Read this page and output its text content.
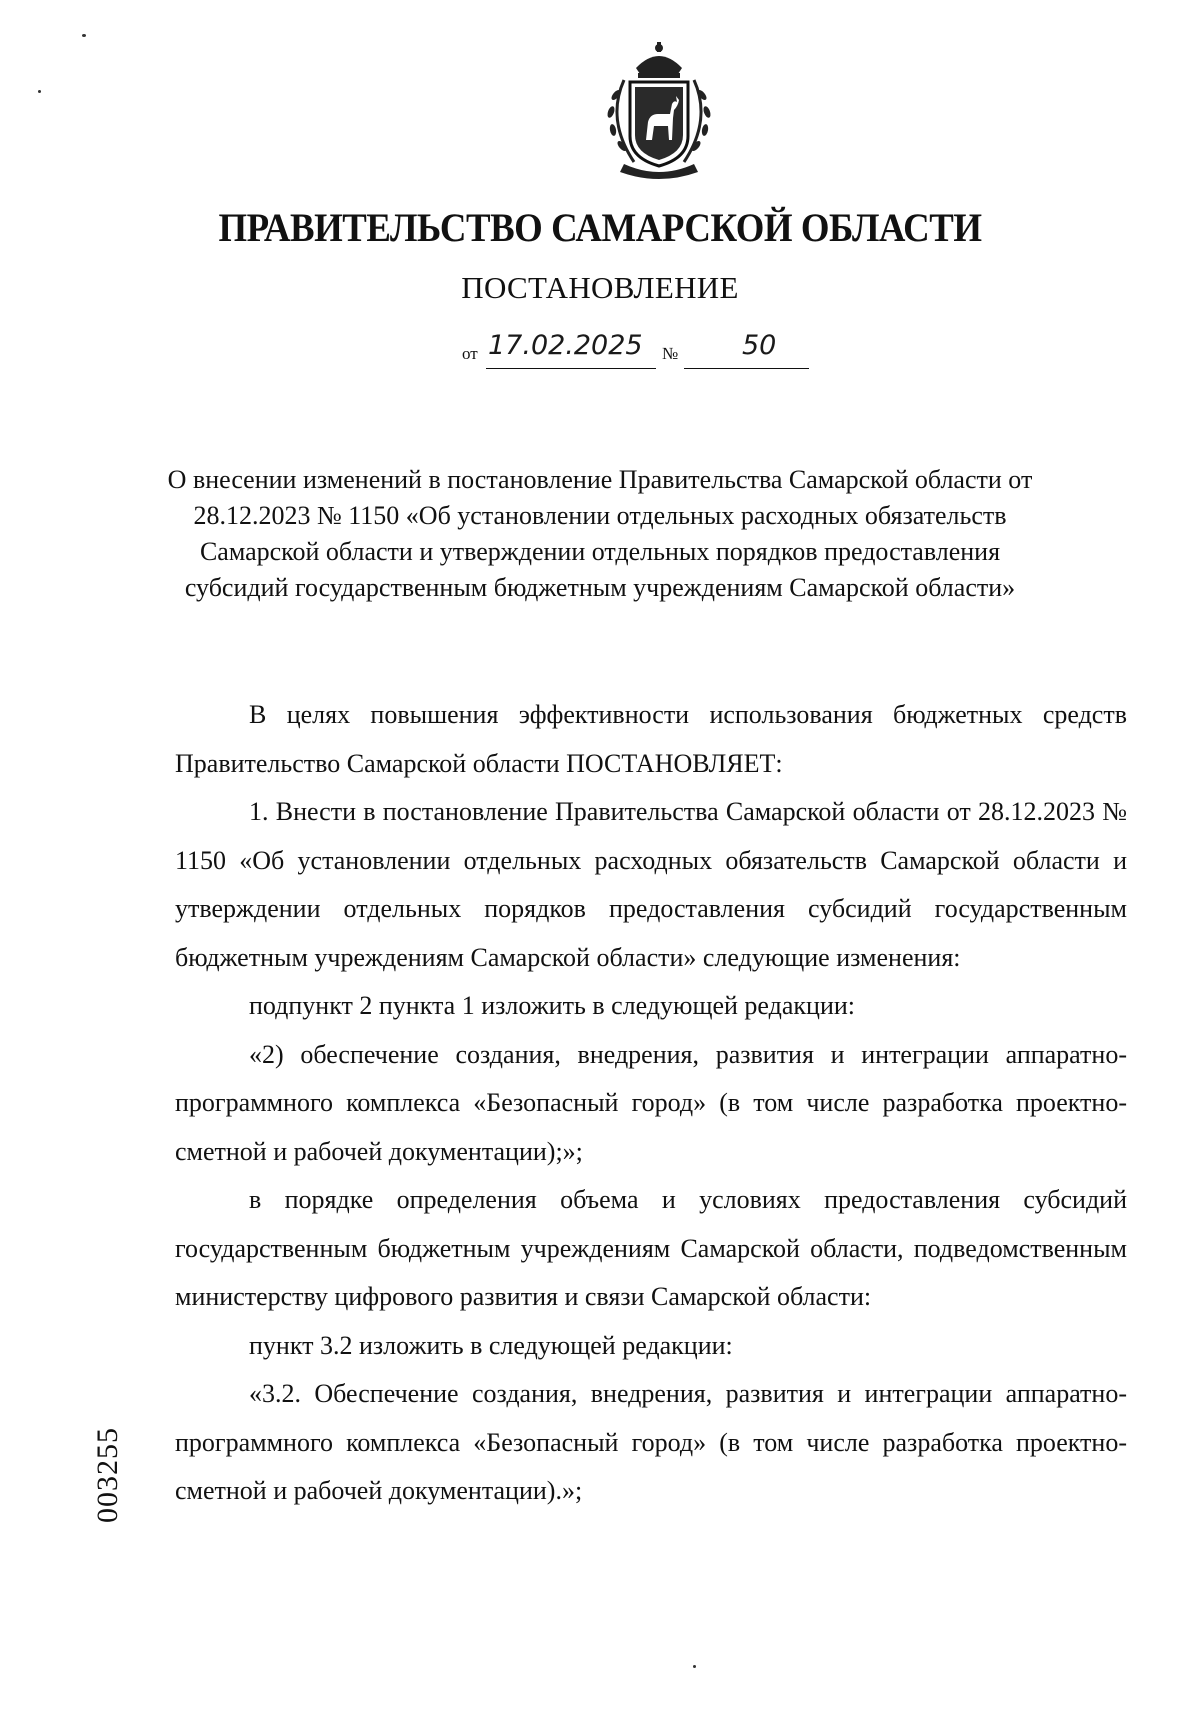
ПРАВИТЕЛЬСТВО САМАРСКОЙ ОБЛАСТИ
ПОСТАНОВЛЕНИЕ
от 17.02.2025 № 50
О внесении изменений в постановление Правительства Самарской области от 28.12.2023 № 1150 «Об установлении отдельных расходных обязательств Самарской области и утверждении отдельных порядков предоставления субсидий государственным бюджетным учреждениям Самарской области»

В целях повышения эффективности использования бюджетных средств Правительство Самарской области ПОСТАНОВЛЯЕТ:

1. Внести в постановление Правительства Самарской области от 28.12.2023 № 1150 «Об установлении отдельных расходных обязательств Самарской области и утверждении отдельных порядков предоставления субсидий государственным бюджетным учреждениям Самарской области» следующие изменения:

подпункт 2 пункта 1 изложить в следующей редакции:

«2) обеспечение создания, внедрения, развития и интеграции аппаратно-программного комплекса «Безопасный город» (в том числе разработка проектно-сметной и рабочей документации);»;

в порядке определения объема и условиях предоставления субсидий государственным бюджетным учреждениям Самарской области, подведомственным министерству цифрового развития и связи Самарской области:

пункт 3.2 изложить в следующей редакции:

«3.2. Обеспечение создания, внедрения, развития и интеграции аппаратно-программного комплекса «Безопасный город» (в том числе разработка проектно-сметной и рабочей документации).»;

003255
